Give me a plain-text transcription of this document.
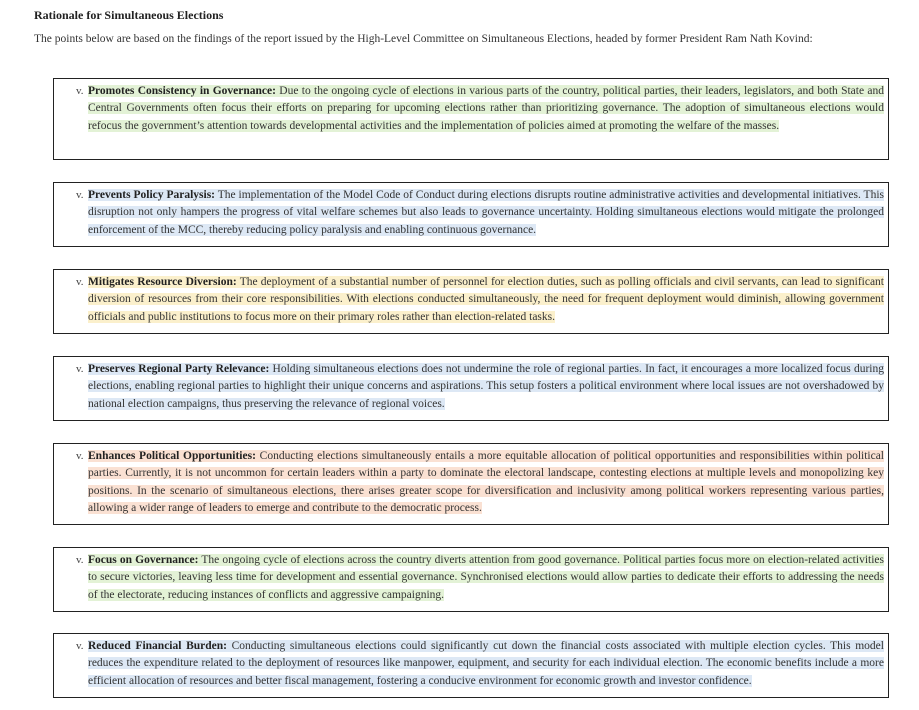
Rationale for Simultaneous Elections
The points below are based on the findings of the report issued by the High-Level Committee on Simultaneous Elections, headed by former President Ram Nath Kovind:
v. Promotes Consistency in Governance: Due to the ongoing cycle of elections in various parts of the country, political parties, their leaders, legislators, and both State and Central Governments often focus their efforts on preparing for upcoming elections rather than prioritizing governance. The adoption of simultaneous elections would refocus the government’s attention towards developmental activities and the implementation of policies aimed at promoting the welfare of the masses.
v. Prevents Policy Paralysis: The implementation of the Model Code of Conduct during elections disrupts routine administrative activities and developmental initiatives. This disruption not only hampers the progress of vital welfare schemes but also leads to governance uncertainty. Holding simultaneous elections would mitigate the prolonged enforcement of the MCC, thereby reducing policy paralysis and enabling continuous governance.
v. Mitigates Resource Diversion: The deployment of a substantial number of personnel for election duties, such as polling officials and civil servants, can lead to significant diversion of resources from their core responsibilities. With elections conducted simultaneously, the need for frequent deployment would diminish, allowing government officials and public institutions to focus more on their primary roles rather than election-related tasks.
v. Preserves Regional Party Relevance: Holding simultaneous elections does not undermine the role of regional parties. In fact, it encourages a more localized focus during elections, enabling regional parties to highlight their unique concerns and aspirations. This setup fosters a political environment where local issues are not overshadowed by national election campaigns, thus preserving the relevance of regional voices.
v. Enhances Political Opportunities: Conducting elections simultaneously entails a more equitable allocation of political opportunities and responsibilities within political parties. Currently, it is not uncommon for certain leaders within a party to dominate the electoral landscape, contesting elections at multiple levels and monopolizing key positions. In the scenario of simultaneous elections, there arises greater scope for diversification and inclusivity among political workers representing various parties, allowing a wider range of leaders to emerge and contribute to the democratic process.
v. Focus on Governance: The ongoing cycle of elections across the country diverts attention from good governance. Political parties focus more on election-related activities to secure victories, leaving less time for development and essential governance. Synchronised elections would allow parties to dedicate their efforts to addressing the needs of the electorate, reducing instances of conflicts and aggressive campaigning.
v. Reduced Financial Burden: Conducting simultaneous elections could significantly cut down the financial costs associated with multiple election cycles. This model reduces the expenditure related to the deployment of resources like manpower, equipment, and security for each individual election. The economic benefits include a more efficient allocation of resources and better fiscal management, fostering a conducive environment for economic growth and investor confidence.
